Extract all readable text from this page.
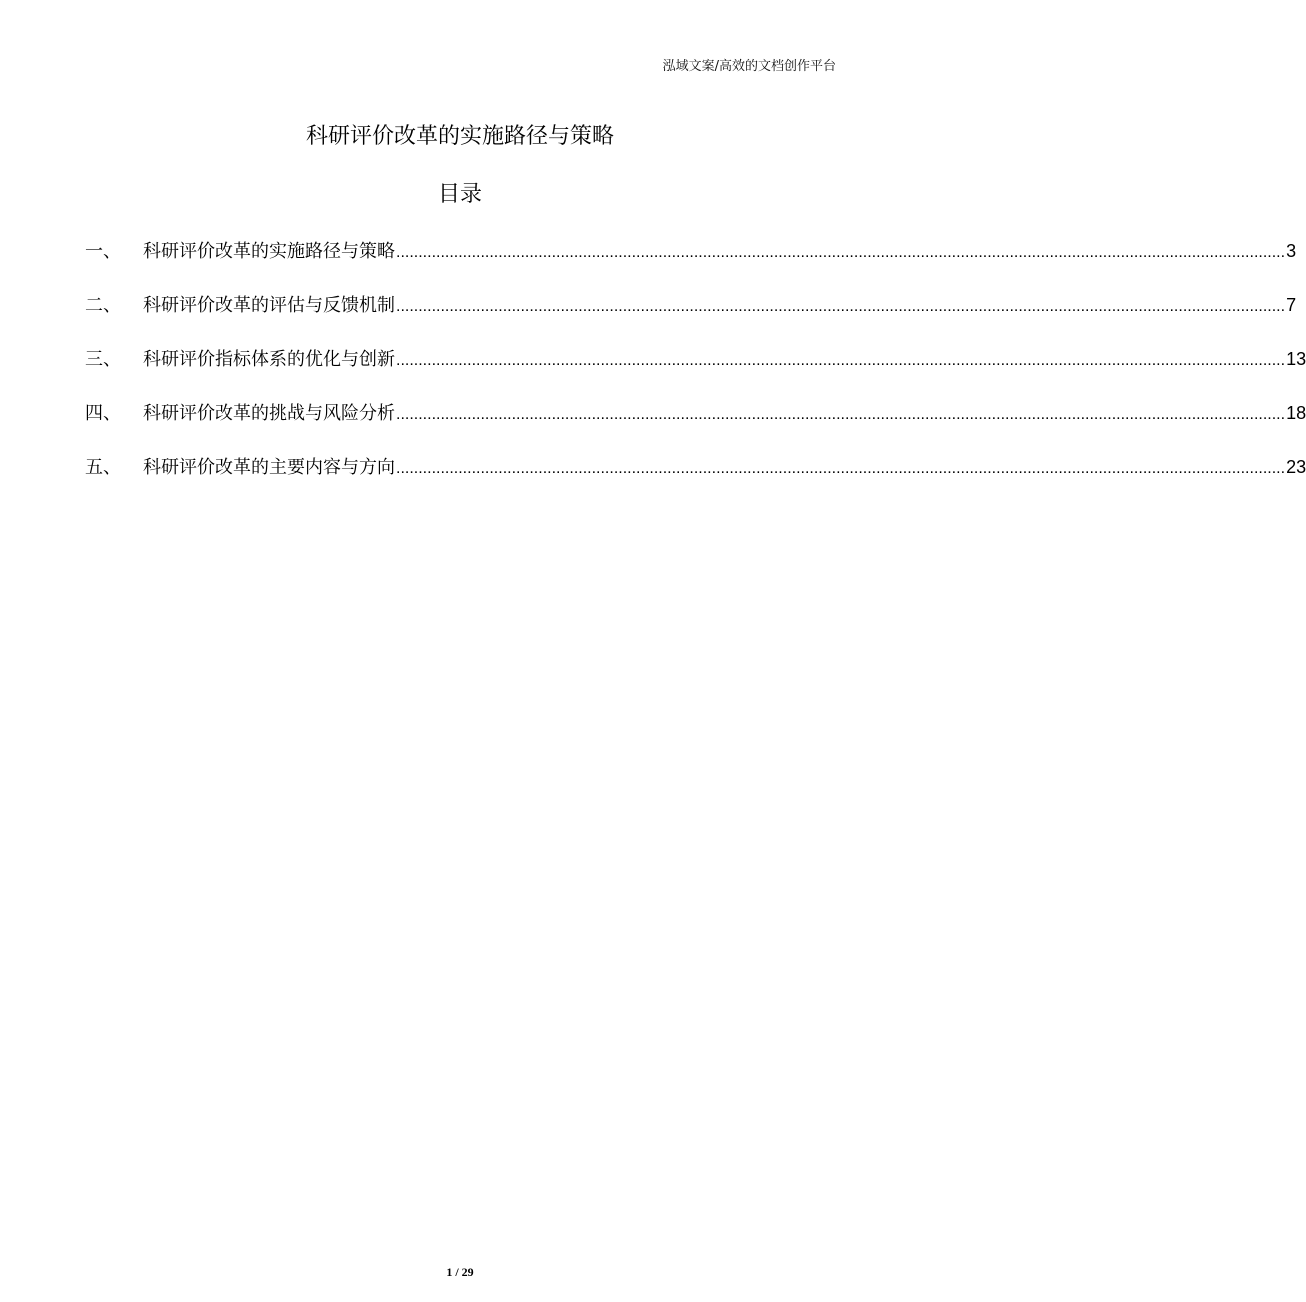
泓域文案/高效的文档创作平台
科研评价改革的实施路径与策略
目录
一、	科研评价改革的实施路径与策略 ........................................................................................................................................................................................................ 3
二、	科研评价改革的评估与反馈机制 ........................................................................................................................................................................................................ 7
三、	科研评价指标体系的优化与创新 ........................................................................................................................................................................................................ 13
四、	科研评价改革的挑战与风险分析 ........................................................................................................................................................................................................ 18
五、	科研评价改革的主要内容与方向 ........................................................................................................................................................................................................ 23
1 / 29
